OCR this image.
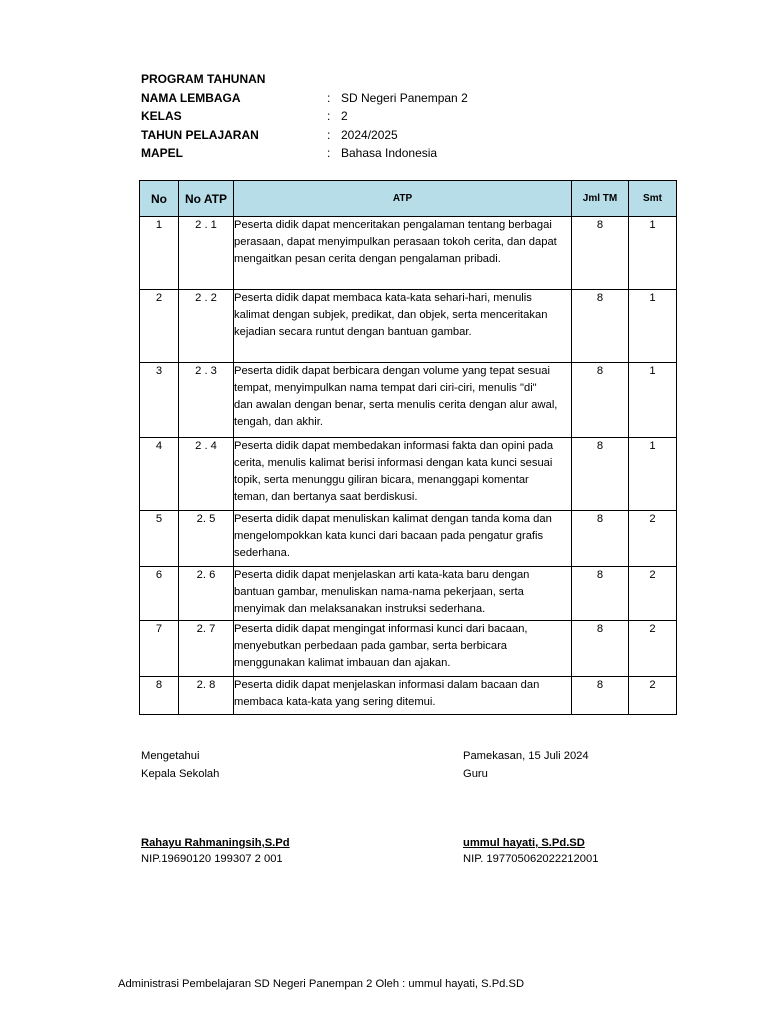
PROGRAM TAHUNAN
NAMA LEMBAGA	: SD Negeri Panempan 2
KELAS	: 2
TAHUN PELAJARAN	: 2024/2025
MAPEL	: Bahasa Indonesia
No	No ATP	ATP	Jml TM	Smt
1	2 . 1	Peserta didik dapat menceritakan pengalaman tentang berbagai
perasaan, dapat menyimpulkan perasaan tokoh cerita, dan dapat
mengaitkan pesan cerita dengan pengalaman pribadi.	8	1
2	2 . 2	Peserta didik dapat membaca kata-kata sehari-hari, menulis
kalimat dengan subjek, predikat, dan objek, serta menceritakan
kejadian secara runtut dengan bantuan gambar.	8	1
3	2 . 3	Peserta didik dapat berbicara dengan volume yang tepat sesuai
tempat, menyimpulkan nama tempat dari ciri-ciri, menulis "di"
dan awalan dengan benar, serta menulis cerita dengan alur awal,
tengah, dan akhir.	8	1
4	2 . 4	Peserta didik dapat membedakan informasi fakta dan opini pada
cerita, menulis kalimat berisi informasi dengan kata kunci sesuai
topik, serta menunggu giliran bicara, menanggapi komentar
teman, dan bertanya saat berdiskusi.	8	1
5	2. 5	Peserta didik dapat menuliskan kalimat dengan tanda koma dan
mengelompokkan kata kunci dari bacaan pada pengatur grafis
sederhana.	8	2
6	2. 6	Peserta didik dapat menjelaskan arti kata-kata baru dengan
bantuan gambar, menuliskan nama-nama pekerjaan, serta
menyimak dan melaksanakan instruksi sederhana.	8	2
7	2. 7	Peserta didik dapat mengingat informasi kunci dari bacaan,
menyebutkan perbedaan pada gambar, serta berbicara
menggunakan kalimat imbauan dan ajakan.	8	2
8	2. 8	Peserta didik dapat menjelaskan informasi dalam bacaan dan
membaca kata-kata yang sering ditemui.	8	2
Mengetahui
Kepala Sekolah
Pamekasan, 15 Juli 2024
Guru
Rahayu Rahmaningsih,S.Pd
NIP.19690120 199307 2 001
ummul hayati, S.Pd.SD
NIP. 197705062022212001
Administrasi Pembelajaran SD Negeri Panempan 2 Oleh : ummul hayati, S.Pd.SD
